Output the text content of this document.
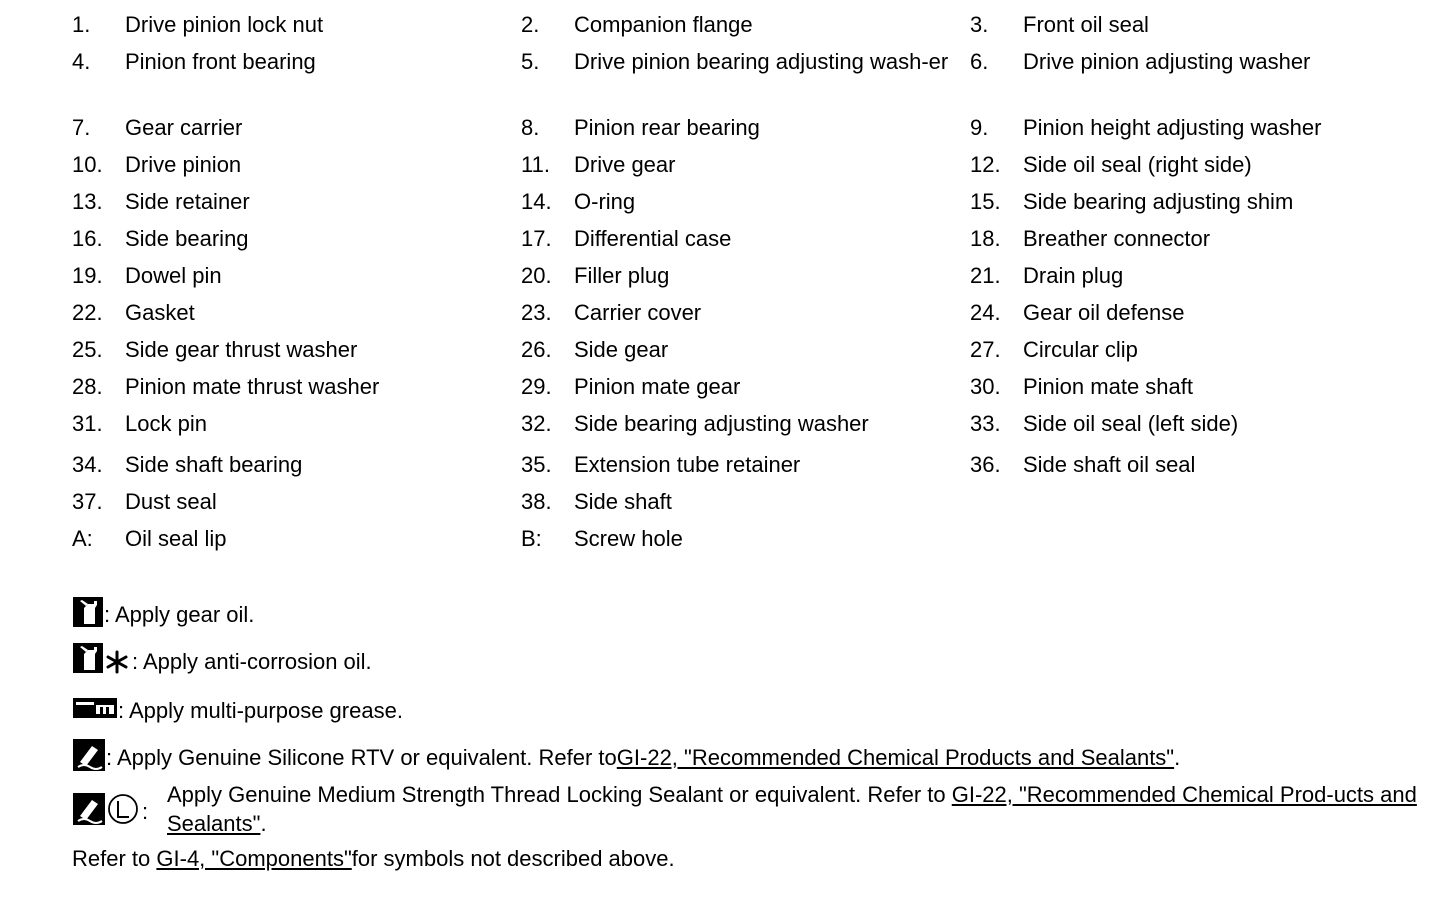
1.	Drive pinion lock nut	2.	Companion flange	3.	Front oil seal
4.	Pinion front bearing	5.	Drive pinion bearing adjusting wash-er 6.	Drive pinion adjusting washer
7.	Gear carrier	8.	Pinion rear bearing	9.	Pinion height adjusting washer
10.	Drive pinion	11.	Drive gear	12.	Side oil seal (right side)
13.	Side retainer	14.	O-ring	15.	Side bearing adjusting shim
16.	Side bearing	17.	Differential case	18.	Breather connector
19.	Dowel pin	20.	Filler plug	21.	Drain plug
22.	Gasket	23.	Carrier cover	24.	Gear oil defense
25.	Side gear thrust washer	26.	Side gear	27.	Circular clip
28.	Pinion mate thrust washer	29.	Pinion mate gear	30.	Pinion mate shaft
31.	Lock pin	32.	Side bearing adjusting washer	33.	Side oil seal (left side)
34.	Side shaft bearing	35.	Extension tube retainer	36.	Side shaft oil seal
37.	Dust seal	38.	Side shaft
A:	Oil seal lip	B:	Screw hole
: Apply gear oil.
: Apply anti-corrosion oil.
: Apply multi-purpose grease.
: Apply Genuine Silicone RTV or equivalent. Refer to GI-22, "Recommended Chemical Products and Sealants" .
:
Apply Genuine Medium Strength Thread Locking Sealant or equivalent. Refer to GI-22, "Recommended Chemical Prod-ucts and Sealants".
Refer to
GI-4, "Components" for symbols not described above.
